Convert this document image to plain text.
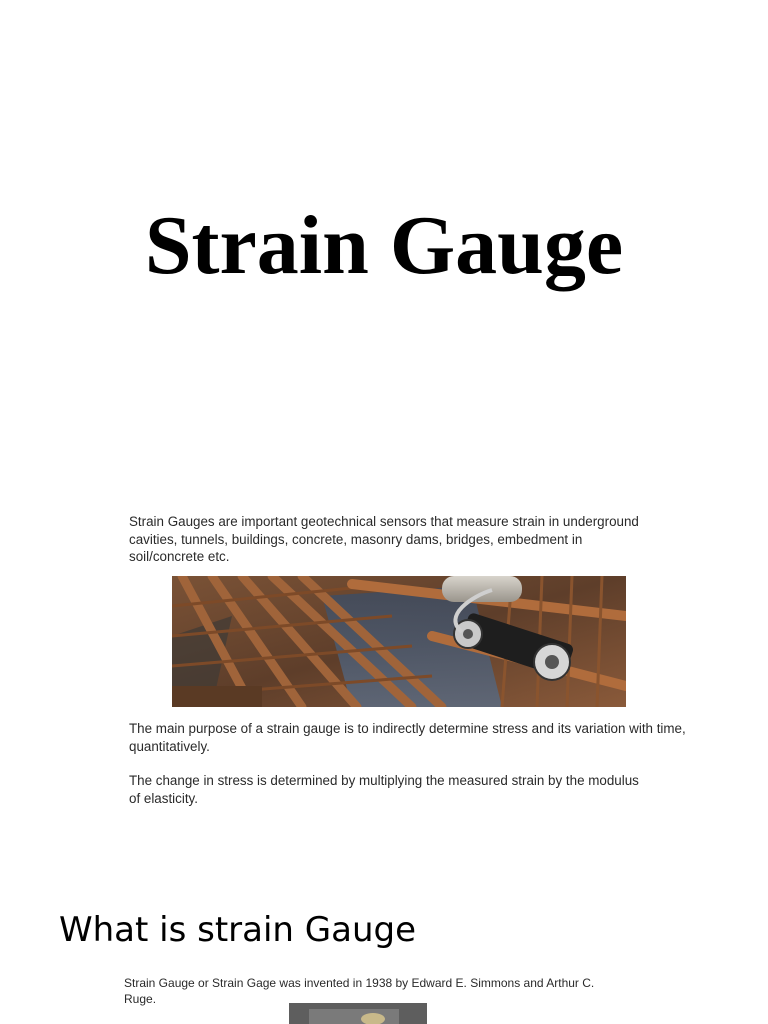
Strain Gauge

Strain Gauges are important geotechnical sensors that measure strain in underground cavities, tunnels, buildings, concrete, masonry dams, bridges, embedment in soil/concrete etc.

The main purpose of a strain gauge is to indirectly determine stress and its variation with time, quantitatively.

The change in stress is determined by multiplying the measured strain by the modulus of elasticity.

What is strain Gauge

Strain Gauge or Strain Gage was invented in 1938 by Edward E. Simmons and Arthur C. Ruge.
